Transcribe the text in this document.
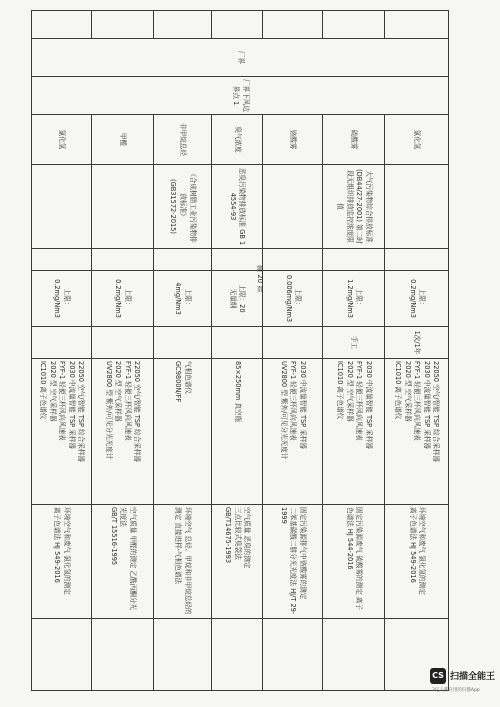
	厂界	厂界下风边界点 1	氯化氢			上限：
0.2mg/Nm3	1次/1年	22050 空气/智能 TSP 综合采样器
2030 中流量智能 TSP 采样器
FYF-1 轻便三杯风向风速表
2020 型 空气采样器
IC1010 离子色谱仪	环境空气和废气 氯化氢的测定
离子色谱法 HJ 549-2016	
			硫酸雾	大气污染物综合排放标准
(DB44/27-2001) 第二时段无组织排放监控浓度限值		上限：
1.2mg/Nm3	手工	2030 中流量智能 TSP 采样器
FYF-1 轻便三杯风向风速表
2020 型 空气采样器
IC1010 离子色谱仪	固定污染源废气 硫酸雾的测定 离子色谱法 HJ 544-2016	
			铬酸雾			上限：
0.006mg/Nm3		2030 中流量智能 TSP 采样器
FYF-1 轻便三杯风向风速表
UV2800 型 紫外/可见分光光度计	固定污染源排气中铬酸雾的测定
二苯基碳酰二肼分光光度法 HJ/T 29-1999	
			臭气浓度	恶臭污染物排放标准 GB 14554-93		上限：20
无量纲		85×250mm 真空瓶	空气质量 恶臭的测定
三点比较式臭袋法
GB/T14675-1993	
			非甲烷总烃	《合成树脂工业污染物排放标准》
(GB31572-2015)		上限：
4mg/Nm3		气相色谱仪
GC9800N/FF	环境空气 总烃、甲烷和非甲烷总烃的测定 直接进样-气相色谱法	
			甲醛			上限：
0.2mg/Nm3		22050 空气/智能 TSP 综合采样器
FYF-1 轻便三杯风向风速表
2020 型 空气采样器
UV2800 型 紫外/可见分光光度计	空气质量 甲醛的测定 乙酰丙酮分光光度法
GB/T 15516-1995	
			氯化氢			上限：
0.2mg/Nm3		22050 空气/智能 TSP 综合采样器
2030 中流量智能 TSP 采样器
FYF-1 轻便三杯风向风速表
2020 型 空气采样器
IC1010 离子色谱仪	环境空气和废气 氯化氢的测定
离子色谱法 HJ 549-2016	
第 20 页
CS 扫描全能王
3亿人都在用的扫描App
